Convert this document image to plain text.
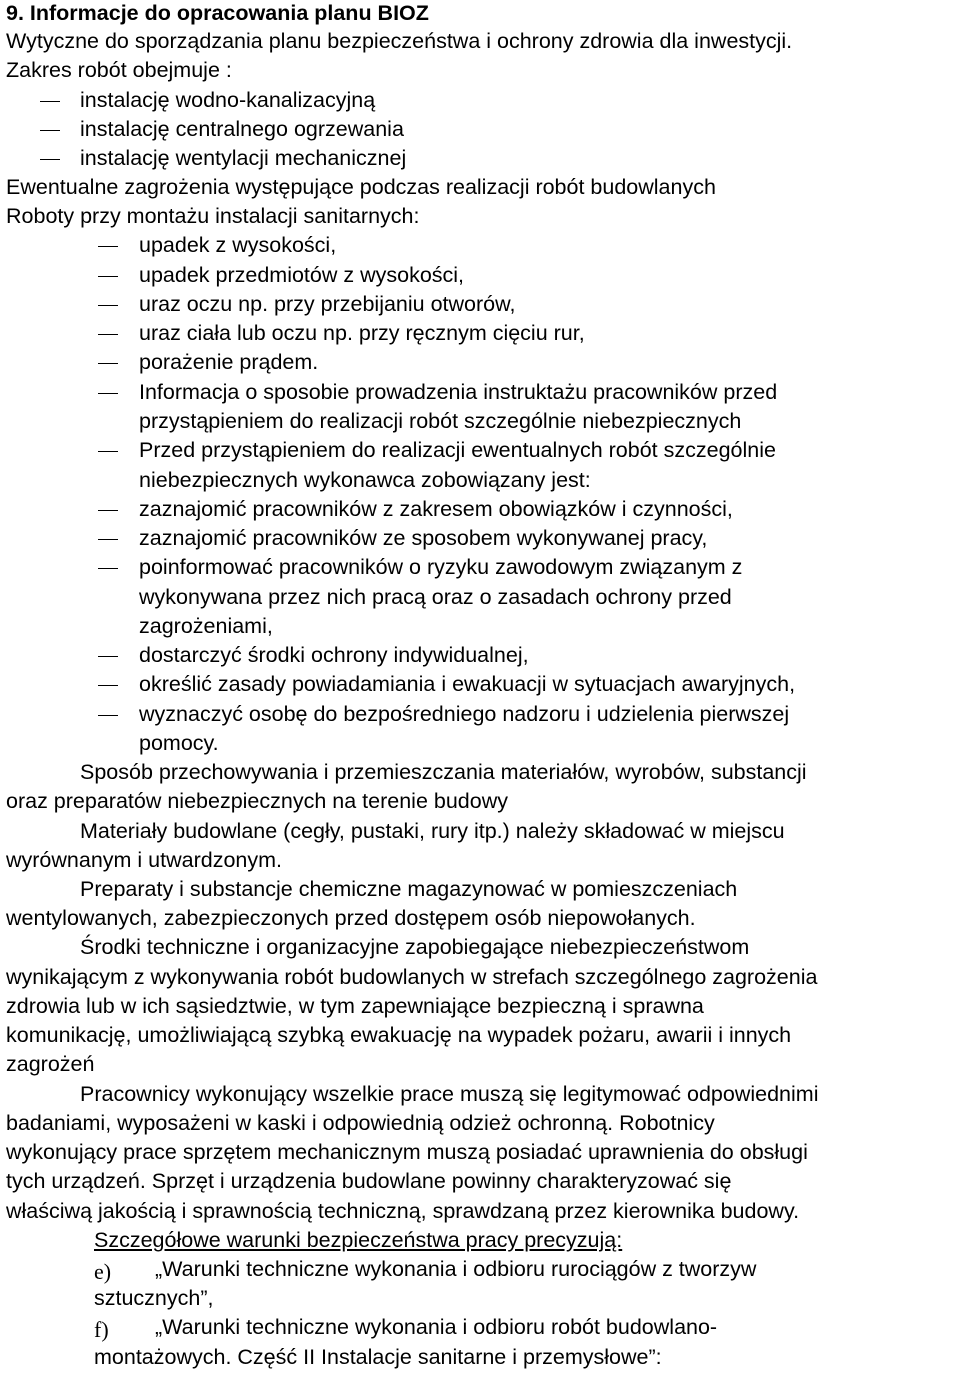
9. Informacje do opracowania planu BIOZ
Wytyczne do sporządzania planu bezpieczeństwa i ochrony zdrowia dla inwestycji.
Zakres robót obejmuje :
instalację wodno-kanalizacyjną
instalację centralnego ogrzewania
instalację wentylacji mechanicznej
Ewentualne zagrożenia występujące podczas realizacji robót budowlanych
Roboty przy montażu instalacji sanitarnych:
upadek z wysokości,
upadek przedmiotów z wysokości,
uraz oczu np. przy przebijaniu otworów,
uraz ciała lub oczu np. przy ręcznym cięciu rur,
porażenie prądem.
Informacja o sposobie prowadzenia instruktażu pracowników przed
przystąpieniem do realizacji robót szczególnie niebezpiecznych
Przed przystąpieniem do realizacji ewentualnych robót szczególnie
niebezpiecznych wykonawca zobowiązany jest:
zaznajomić pracowników z zakresem obowiązków i czynności,
zaznajomić pracowników ze sposobem wykonywanej pracy,
poinformować pracowników o ryzyku zawodowym związanym z
wykonywana przez nich pracą oraz o zasadach ochrony przed
zagrożeniami,
dostarczyć środki ochrony indywidualnej,
określić zasady powiadamiania i ewakuacji w sytuacjach awaryjnych,
wyznaczyć osobę do bezpośredniego nadzoru i udzielenia pierwszej
pomocy.
Sposób przechowywania i przemieszczania materiałów, wyrobów, substancji
oraz preparatów niebezpiecznych na terenie budowy
Materiały budowlane (cegły, pustaki, rury itp.) należy składować w miejscu
wyrównanym i utwardzonym.
Preparaty i substancje chemiczne magazynować w pomieszczeniach
wentylowanych, zabezpieczonych przed dostępem osób niepowołanych.
Środki techniczne i organizacyjne zapobiegające niebezpieczeństwom
wynikającym z wykonywania robót budowlanych w strefach szczególnego zagrożenia
zdrowia lub w ich sąsiedztwie, w tym zapewniające bezpieczną i sprawna
komunikację, umożliwiającą szybką ewakuację na wypadek pożaru, awarii i innych
zagrożeń
Pracownicy wykonujący wszelkie prace muszą się legitymować odpowiednimi
badaniami, wyposażeni w kaski i odpowiednią odzież ochronną. Robotnicy
wykonujący prace sprzętem mechanicznym muszą posiadać uprawnienia do obsługi
tych urządzeń. Sprzęt i urządzenia budowlane powinny charakteryzować się
właściwą jakością i sprawnością techniczną, sprawdzaną przez kierownika budowy.
Szczegółowe warunki bezpieczeństwa pracy precyzują:
e) „Warunki techniczne wykonania i odbioru rurociągów z tworzyw
sztucznych”,
f) „Warunki techniczne wykonania i odbioru robót budowlano-
montażowych. Część II Instalacje sanitarne i przemysłowe”:
